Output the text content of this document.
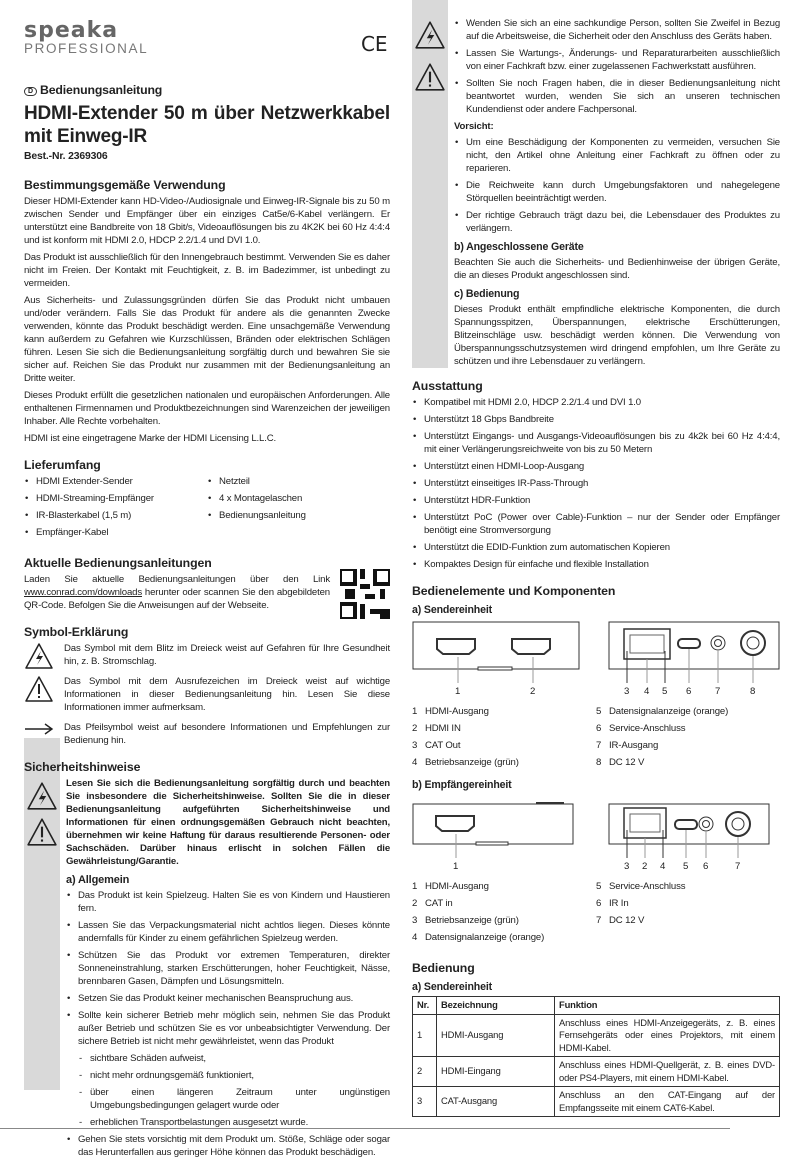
speaka
PROFESSIONAL	CE
D Bedienungsanleitung
HDMI-Extender 50 m über Netzwerkkabel mit Einweg-IR
Best.-Nr. 2369306
Bestimmungsgemäße Verwendung

Dieser HDMI-Extender kann HD-Video-/Audiosignale und Einweg-IR-Signale bis zu 50 m zwischen Sender und Empfänger über ein einziges Cat5e/6-Kabel verlängern. Er unterstützt eine Bandbreite von 18 Gbit/s, Videoauflösungen bis zu 4K2K bei 60 Hz 4:4:4 und ist konform mit HDMI 2.0, HDCP 2.2/1.4 und DVI 1.0.

Das Produkt ist ausschließlich für den Innengebrauch bestimmt. Verwenden Sie es daher nicht im Freien. Der Kontakt mit Feuchtigkeit, z. B. im Badezimmer, ist unbedingt zu vermeiden.

Aus Sicherheits- und Zulassungsgründen dürfen Sie das Produkt nicht umbauen und/oder verändern. Falls Sie das Produkt für andere als die genannten Zwecke verwenden, könnte das Produkt beschädigt werden. Eine unsachgemäße Verwendung kann außerdem zu Gefahren wie Kurzschlüssen, Bränden oder elektrischen Schlägen führen. Lesen Sie sich die Bedienungsanleitung sorgfältig durch und bewahren Sie sie sicher auf. Reichen Sie das Produkt nur zusammen mit der Bedienungsanleitung an Dritte weiter.

Dieses Produkt erfüllt die gesetzlichen nationalen und europäischen Anforderungen. Alle enthaltenen Firmennamen und Produktbezeichnungen sind Warenzeichen der jeweiligen Inhaber. Alle Rechte vorbehalten.

HDMI ist eine eingetragene Marke der HDMI Licensing L.L.C.

Lieferumfang
• HDMI Extender-Sender
• HDMI-Streaming-Empfänger
• IR-Blasterkabel (1,5 m)
• Empfänger-Kabel
• Netzteil
• 4 x Montagelaschen
• Bedienungsanleitung
Aktuelle Bedienungsanleitungen

Laden Sie aktuelle Bedienungsanleitungen über den Link www.conrad.com/downloads herunter oder scannen Sie den abgebildeten QR-Code. Befolgen Sie die Anweisungen auf der Webseite.

Symbol-Erklärung

Das Symbol mit dem Blitz im Dreieck weist auf Gefahren für Ihre Gesundheit hin, z. B. Stromschlag.

Das Symbol mit dem Ausrufezeichen im Dreieck weist auf wichtige Informationen in dieser Bedienungsanleitung hin. Lesen Sie diese Informationen immer aufmerksam.

Das Pfeilsymbol weist auf besondere Informationen und Empfehlungen zur Bedienung hin.

Sicherheitshinweise

Lesen Sie sich die Bedienungsanleitung sorgfältig durch und beachten Sie insbesondere die Sicherheitshinweise. Sollten Sie die in dieser Bedienungsanleitung aufgeführten Sicherheitshinweise und Informationen für einen ordnungsgemäßen Gebrauch nicht beachten, übernehmen wir keine Haftung für daraus resultierende Personen- oder Sachschäden. Darüber hinaus erlischt in solchen Fällen die Gewährleistung/Garantie.

a) Allgemein
• Das Produkt ist kein Spielzeug. Halten Sie es von Kindern und Haustieren fern.
• Lassen Sie das Verpackungsmaterial nicht achtlos liegen. Dieses könnte andernfalls für Kinder zu einem gefährlichen Spielzeug werden.
• Schützen Sie das Produkt vor extremen Temperaturen, direkter Sonneneinstrahlung, starken Erschütterungen, hoher Feuchtigkeit, Nässe, brennbaren Gasen, Dämpfen und Lösungsmitteln.
• Setzen Sie das Produkt keiner mechanischen Beanspruchung aus.
• Sollte kein sicherer Betrieb mehr möglich sein, nehmen Sie das Produkt außer Betrieb und schützen Sie es vor unbeabsichtigter Verwendung. Der sichere Betrieb ist nicht mehr gewährleistet, wenn das Produkt
- sichtbare Schäden aufweist,
- nicht mehr ordnungsgemäß funktioniert,
- über einen längeren Zeitraum unter ungünstigen Umgebungsbedingungen gelagert wurde oder
- erheblichen Transportbelastungen ausgesetzt wurde.
• Gehen Sie stets vorsichtig mit dem Produkt um. Stöße, Schläge oder sogar das Herunterfallen aus geringer Höhe können das Produkt beschädigen.
• Wenden Sie sich an eine sachkundige Person, sollten Sie Zweifel in Bezug auf die Arbeitsweise, die Sicherheit oder den Anschluss des Geräts haben.
• Lassen Sie Wartungs-, Änderungs- und Reparaturarbeiten ausschließlich von einer Fachkraft bzw. einer zugelassenen Fachwerkstatt ausführen.
• Sollten Sie noch Fragen haben, die in dieser Bedienungsanleitung nicht beantwortet wurden, wenden Sie sich an unseren technischen Kundendienst oder andere Fachpersonal.
Vorsicht:
• Um eine Beschädigung der Komponenten zu vermeiden, versuchen Sie nicht, den Artikel ohne Anleitung einer Fachkraft zu öffnen oder zu reparieren.
• Die Reichweite kann durch Umgebungsfaktoren und nahegelegene Störquellen beeinträchtigt werden.
• Der richtige Gebrauch trägt dazu bei, die Lebensdauer des Produktes zu verlängern.
b) Angeschlossene Geräte

Beachten Sie auch die Sicherheits- und Bedienhinweise der übrigen Geräte, die an dieses Produkt angeschlossen sind.

c) Bedienung

Dieses Produkt enthält empfindliche elektrische Komponenten, die durch Spannungsspitzen, Überspannungen, elektrische Erschütterungen, Blitzeinschläge usw. beschädigt werden können. Die Verwendung von Überspannungsschutzsystemen wird dringend empfohlen, um Ihre Geräte zu schützen und ihre Lebensdauer zu verlängern.

Ausstattung
• Kompatibel mit HDMI 2.0, HDCP 2.2/1.4 und DVI 1.0
• Unterstützt 18 Gbps Bandbreite
• Unterstützt Eingangs- und Ausgangs-Videoauflösungen bis zu 4k2k bei 60 Hz 4:4:4, mit einer Verlängerungsreichweite von bis zu 50 Metern
• Unterstützt einen HDMI-Loop-Ausgang
• Unterstützt einseitiges IR-Pass-Through
• Unterstützt HDR-Funktion
• Unterstützt PoC (Power over Cable)-Funktion – nur der Sender oder Empfänger benötigt eine Stromversorgung
• Unterstützt die EDID-Funktion zum automatischen Kopieren
• Kompaktes Design für einfache und flexible Installation
Bedienelemente und Komponenten
a) Sendereinheit
1	2	3 4 5 6 7	8

1 HDMI-Ausgang

2 HDMI IN

3 CAT Out

4 Betriebsanzeige (grün)

5 Datensignalanzeige (orange)

6 Service-Anschluss

7 IR-Ausgang

8 DC 12 V

b) Empfängereinheit
1	3 2 4 5 6	7

1 HDMI-Ausgang

2 CAT in

3 Betriebsanzeige (grün)

4 Datensignalanzeige (orange)

5 Service-Anschluss

6 IR In

7 DC 12 V

Bedienung
a) Sendereinheit
Nr.	Bezeichnung	Funktion
1	HDMI-Ausgang	Anschluss eines HDMI-Anzeigegeräts, z. B. eines Fernsehgeräts oder eines Projektors, mit einem HDMI-Kabel.
2	HDMI-Eingang	Anschluss eines HDMI-Quellgerät, z. B. eines DVD- oder PS4-Players, mit einem HDMI-Kabel.
3	CAT-Ausgang	Anschluss an den CAT-Eingang auf der Empfangsseite mit einem CAT6-Kabel.
